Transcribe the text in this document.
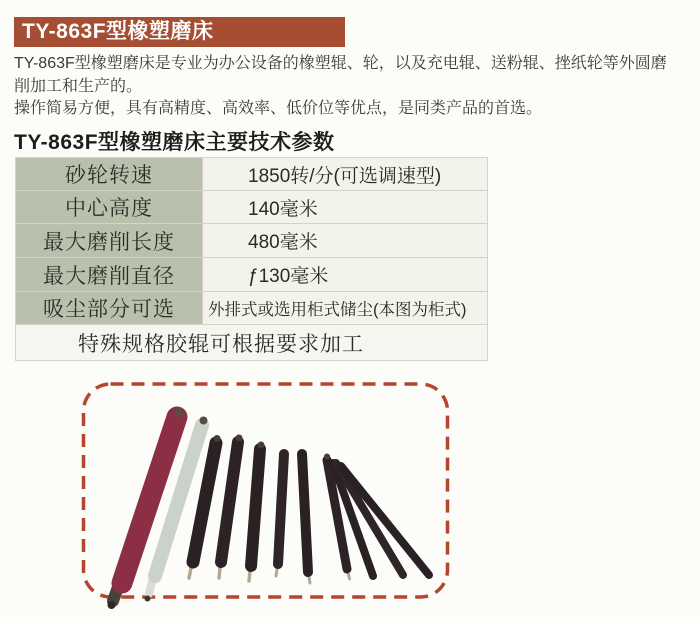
TY-863F型橡塑磨床

TY-863F型橡塑磨床是专业为办公设备的橡塑辊、轮，以及充电辊、送粉辊、挫纸轮等外圆磨削加工和生产的。

操作简易方便，具有高精度、高效率、低价位等优点，是同类产品的首选。

TY-863F型橡塑磨床主要技术参数
砂轮转速	1850转/分(可选调速型)
中心高度	140毫米
最大磨削长度	480毫米
最大磨削直径	ƒ130毫米
吸尘部分可选	外排式或选用柜式储尘(本图为柜式)
特殊规格胶辊可根据要求加工	
